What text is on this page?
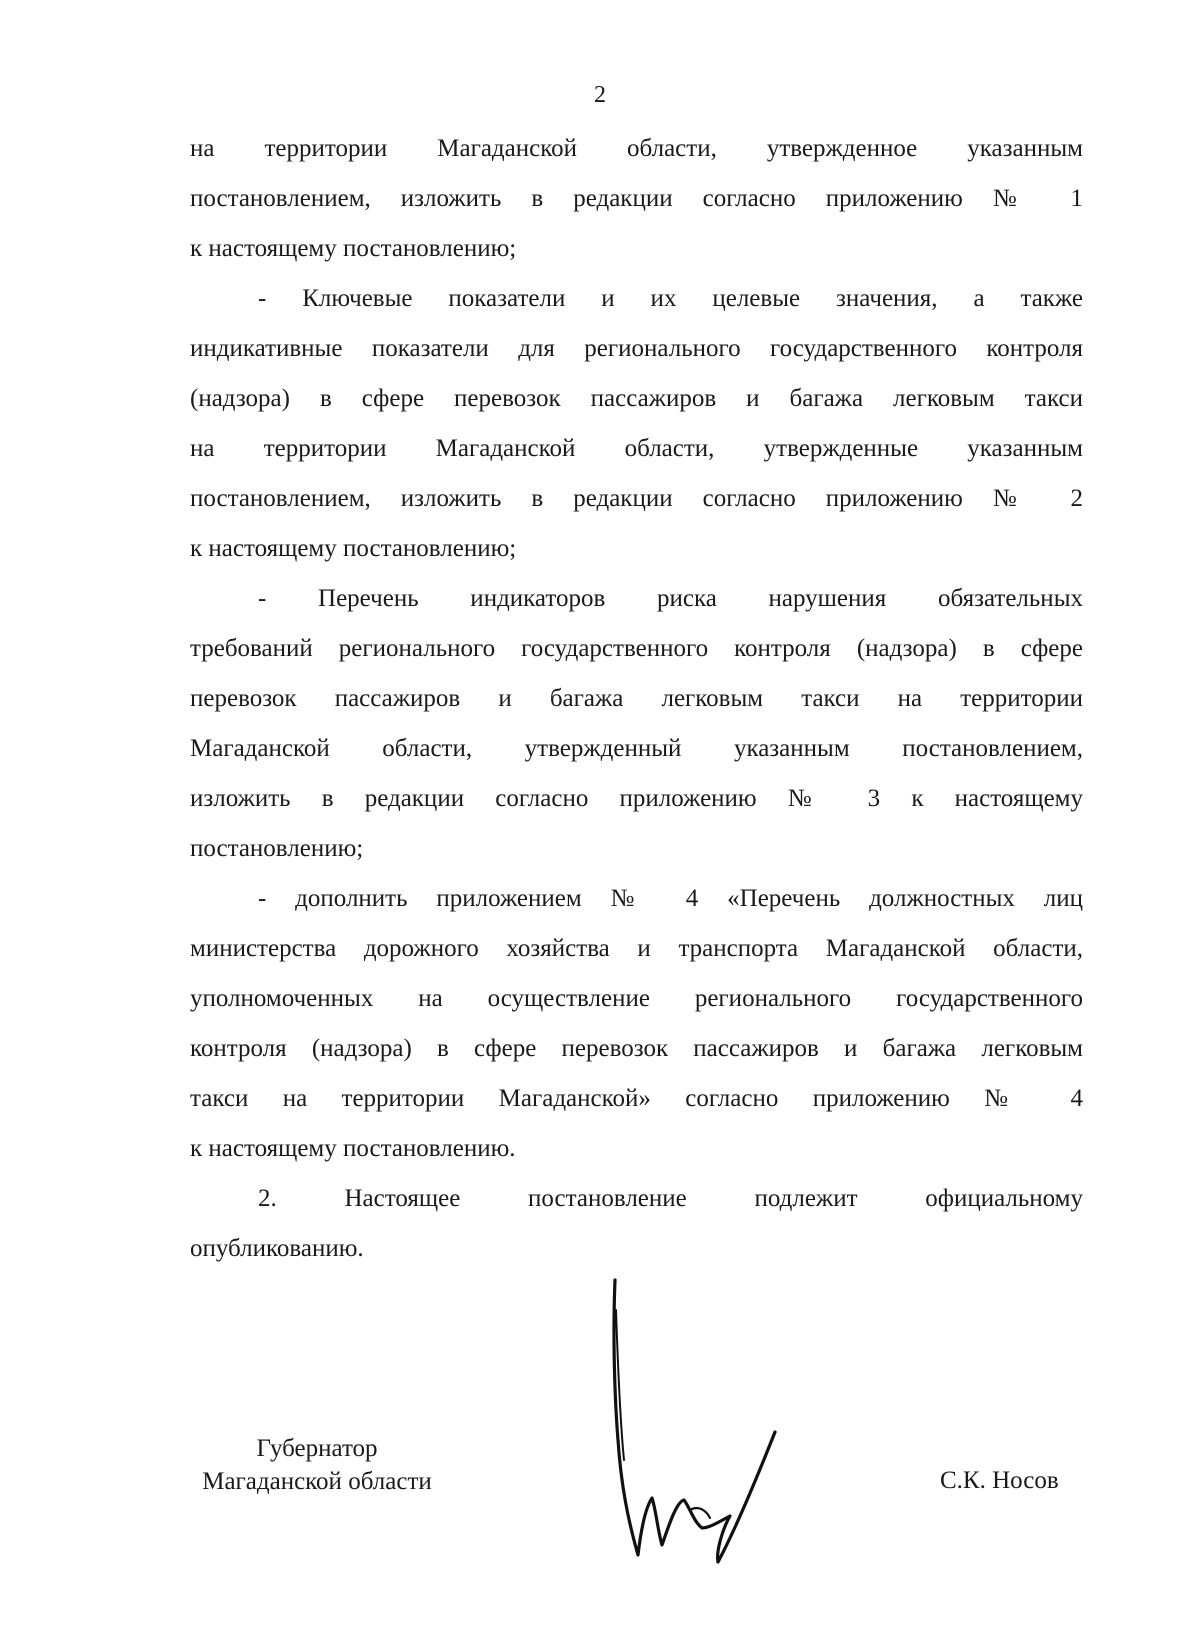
2

на территории Магаданской области, утвержденное указанным
постановлением, изложить в редакции согласно приложению № 1
к настоящему постановлению;

- Ключевые показатели и их целевые значения, а также
индикативные показатели для регионального государственного контроля
(надзора) в сфере перевозок пассажиров и багажа легковым такси
на территории Магаданской области, утвержденные указанным
постановлением, изложить в редакции согласно приложению № 2
к настоящему постановлению;

- Перечень индикаторов риска нарушения обязательных
требований регионального государственного контроля (надзора) в сфере
перевозок пассажиров и багажа легковым такси на территории
Магаданской области, утвержденный указанным постановлением,
изложить в редакции согласно приложению № 3 к настоящему
постановлению;

- дополнить приложением № 4 «Перечень должностных лиц
министерства дорожного хозяйства и транспорта Магаданской области,
уполномоченных на осуществление регионального государственного
контроля (надзора) в сфере перевозок пассажиров и багажа легковым
такси на территории Магаданской» согласно приложению № 4
к настоящему постановлению.

2. Настоящее постановление подлежит официальному
опубликованию.

Губернатор
Магаданской области	С.К. Носов
